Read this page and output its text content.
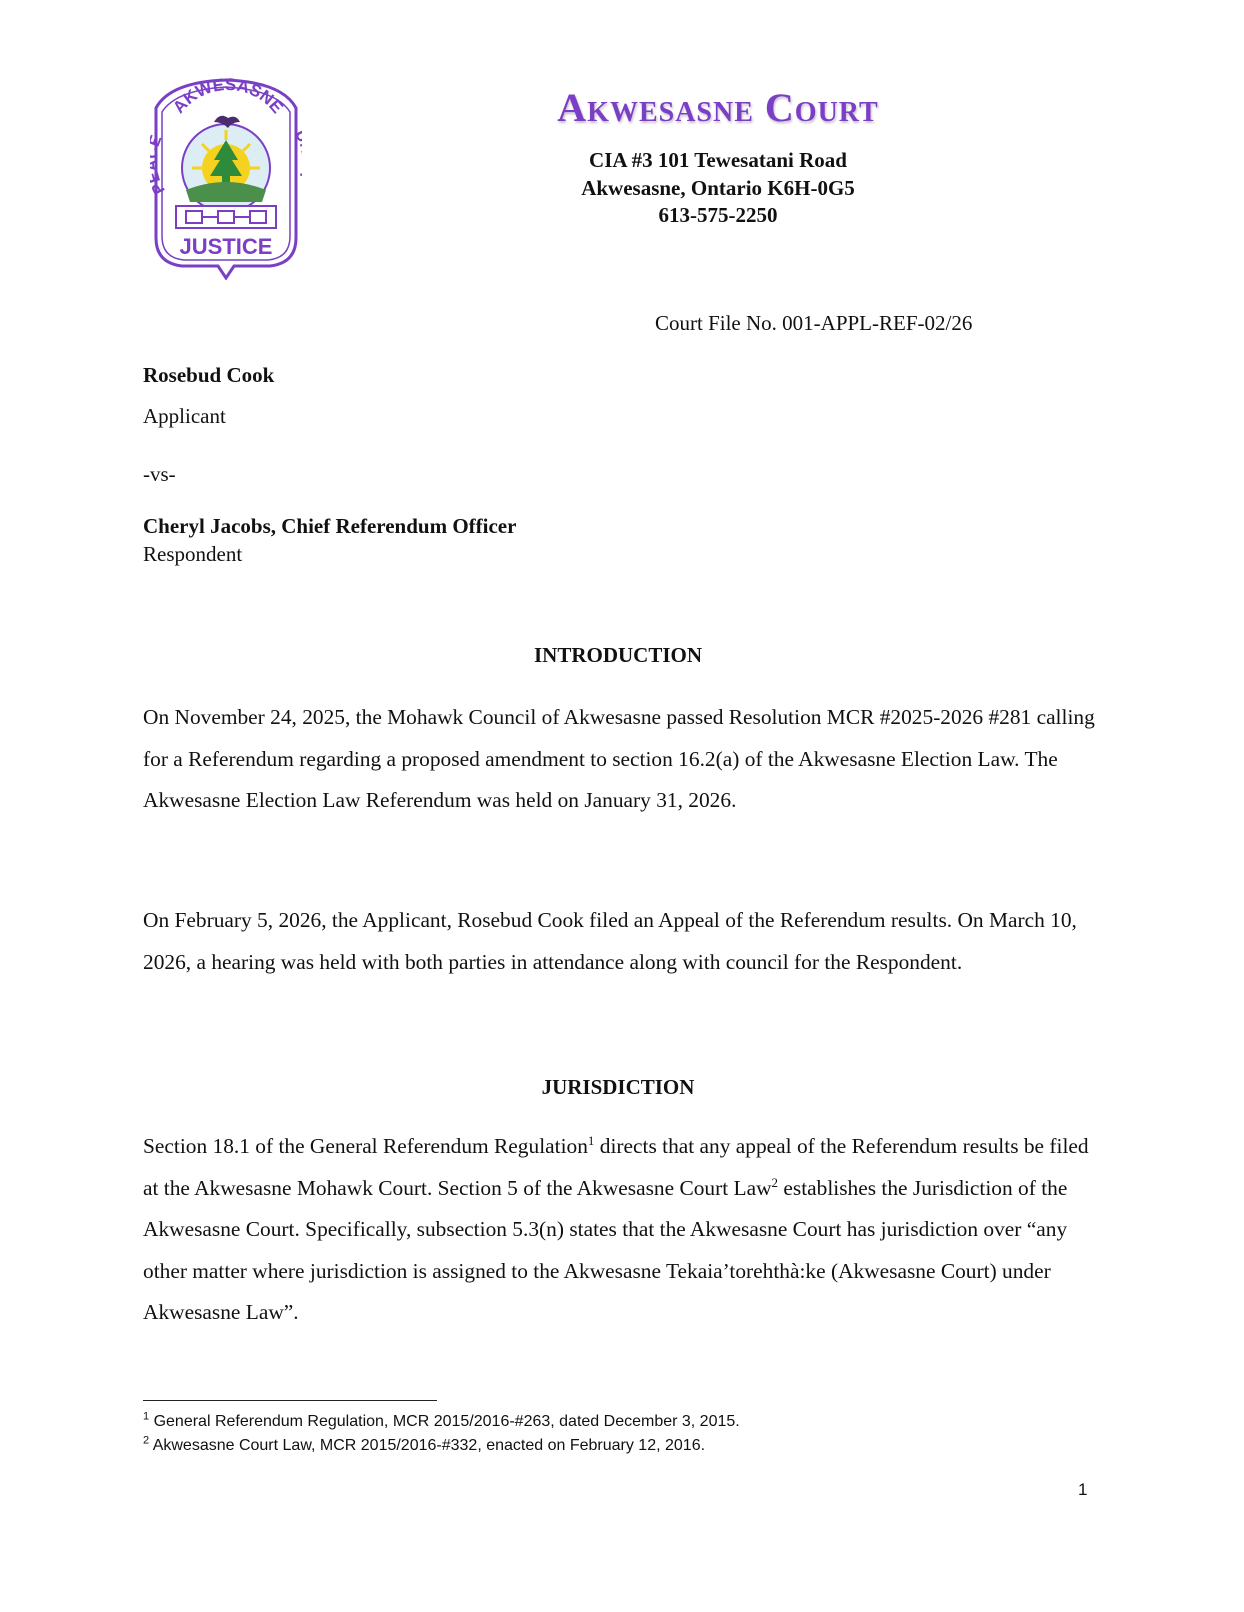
AKWESASNE
P
JUSTICE
Akwesasne Court
CIA #3 101 Tewesatani Road
Akwesasne, Ontario K6H-0G5
613-575-2250
Court File No. 001-APPL-REF-02/26
Rosebud Cook
Applicant
-vs-
Cheryl Jacobs, Chief Referendum Officer
Respondent
INTRODUCTION
On November 24, 2025, the Mohawk Council of Akwesasne passed Resolution MCR #2025-2026 #281 calling for a Referendum regarding a proposed amendment to section 16.2(a) of the Akwesasne Election Law. The Akwesasne Election Law Referendum was held on January 31, 2026.
On February 5, 2026, the Applicant, Rosebud Cook filed an Appeal of the Referendum results. On March 10, 2026, a hearing was held with both parties in attendance along with council for the Respondent.
JURISDICTION
Section 18.1 of the General Referendum Regulation$^1$ directs that any appeal of the Referendum results be filed at the Akwesasne Mohawk Court. Section 5 of the Akwesasne Court Law$^2$ establishes the Jurisdiction of the Akwesasne Court. Specifically, subsection 5.3(n) states that the Akwesasne Court has jurisdiction over “any other matter where jurisdiction is assigned to the Akwesasne Tekaia’torehthà:ke (Akwesasne Court) under Akwesasne Law”.
$^1$ General Referendum Regulation, MCR 2015/2016-#263, dated December 3, 2015.
$^2$ Akwesasne Court Law, MCR 2015/2016-#332, enacted on February 12, 2016.
1
